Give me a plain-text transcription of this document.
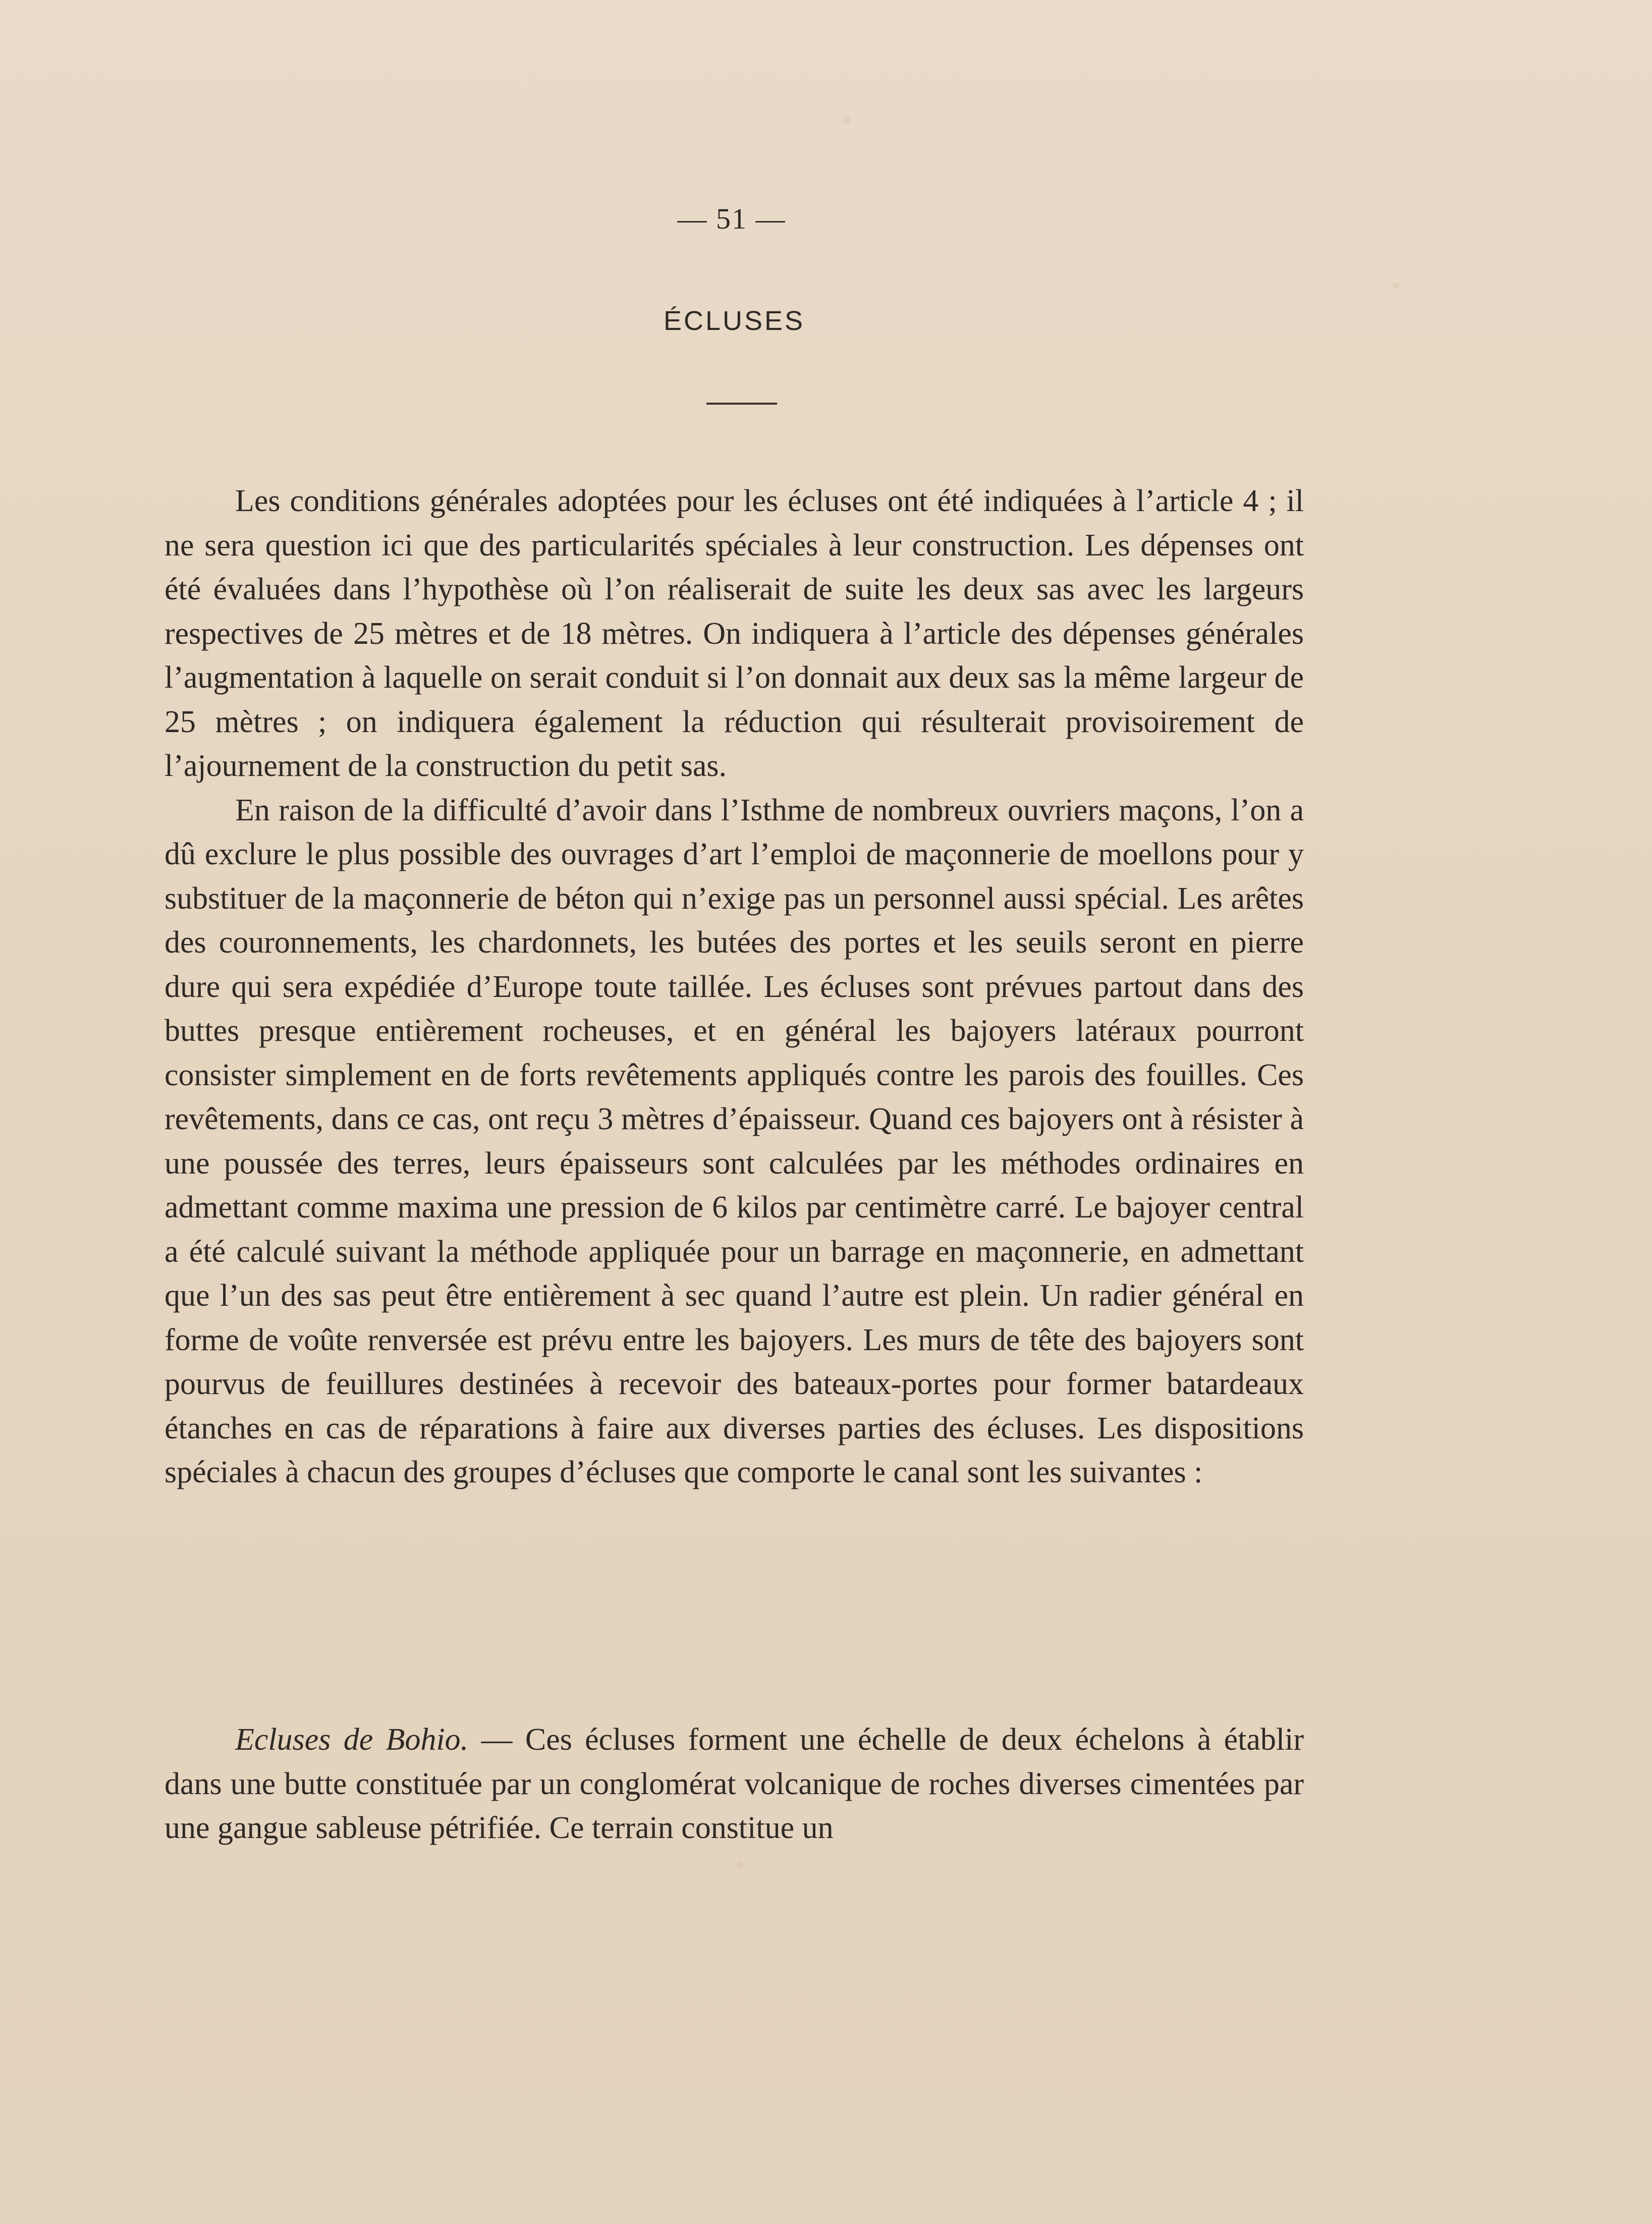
— 51 —
ÉCLUSES

Les conditions générales adoptées pour les écluses ont été indiquées à l’article 4 ; il ne sera question ici que des particularités spéciales à leur construction. Les dépenses ont été évaluées dans l’hypothèse où l’on réaliserait de suite les deux sas avec les largeurs respectives de 25 mètres et de 18 mètres. On indiquera à l’article des dépenses générales l’augmentation à laquelle on serait conduit si l’on donnait aux deux sas la même largeur de 25 mètres ; on indiquera également la réduction qui résulterait provisoirement de l’ajournement de la construction du petit sas.

En raison de la difficulté d’avoir dans l’Isthme de nombreux ouvriers maçons, l’on a dû exclure le plus possible des ouvrages d’art l’emploi de maçonnerie de moellons pour y substituer de la maçonnerie de béton qui n’exige pas un personnel aussi spécial. Les arêtes des couronnements, les chardonnets, les butées des portes et les seuils seront en pierre dure qui sera expédiée d’Europe toute taillée. Les écluses sont prévues partout dans des buttes presque entièrement rocheuses, et en général les bajoyers latéraux pourront consister simplement en de forts revêtements appliqués contre les parois des fouilles. Ces revêtements, dans ce cas, ont reçu 3 mètres d’épaisseur. Quand ces bajoyers ont à résister à une poussée des terres, leurs épaisseurs sont calculées par les méthodes ordinaires en admettant comme maxima une pression de 6 kilos par centimètre carré. Le bajoyer central a été calculé suivant la méthode appliquée pour un barrage en maçonnerie, en admettant que l’un des sas peut être entièrement à sec quand l’autre est plein. Un radier général en forme de voûte renversée est prévu entre les bajoyers. Les murs de tête des bajoyers sont pourvus de feuillures destinées à recevoir des bateaux-portes pour former batardeaux étanches en cas de réparations à faire aux diverses parties des écluses. Les dispositions spéciales à chacun des groupes d’écluses que comporte le canal sont les suivantes :

Ecluses de Bohio. — Ces écluses forment une échelle de deux échelons à établir dans une butte constituée par un conglomérat volcanique de roches diverses cimentées par une gangue sableuse pétrifiée. Ce terrain constitue un
